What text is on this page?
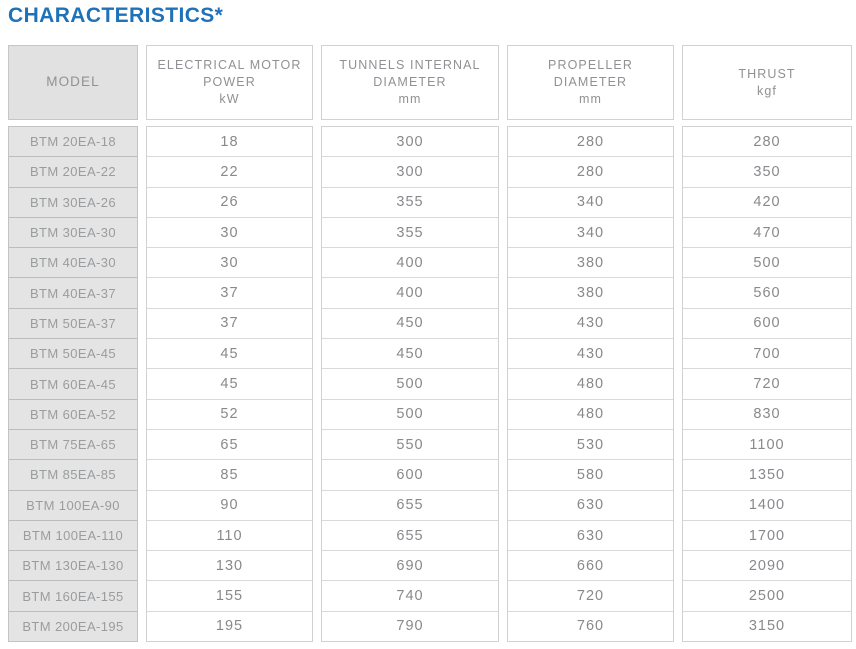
CHARACTERISTICS*
MODEL
BTM 20EA-18
BTM 20EA-22
BTM 30EA-26
BTM 30EA-30
BTM 40EA-30
BTM 40EA-37
BTM 50EA-37
BTM 50EA-45
BTM 60EA-45
BTM 60EA-52
BTM 75EA-65
BTM 85EA-85
BTM 100EA-90
BTM 100EA-110
BTM 130EA-130
BTM 160EA-155
BTM 200EA-195
ELECTRICAL MOTOR POWER
kW
18
22
26
30
30
37
37
45
45
52
65
85
90
110
130
155
195
TUNNELS INTERNAL DIAMETER
mm
300
300
355
355
400
400
450
450
500
500
550
600
655
655
690
740
790
PROPELLER DIAMETER
mm
280
280
340
340
380
380
430
430
480
480
530
580
630
630
660
720
760
THRUST
kgf
280
350
420
470
500
560
600
700
720
830
1100
1350
1400
1700
2090
2500
3150
